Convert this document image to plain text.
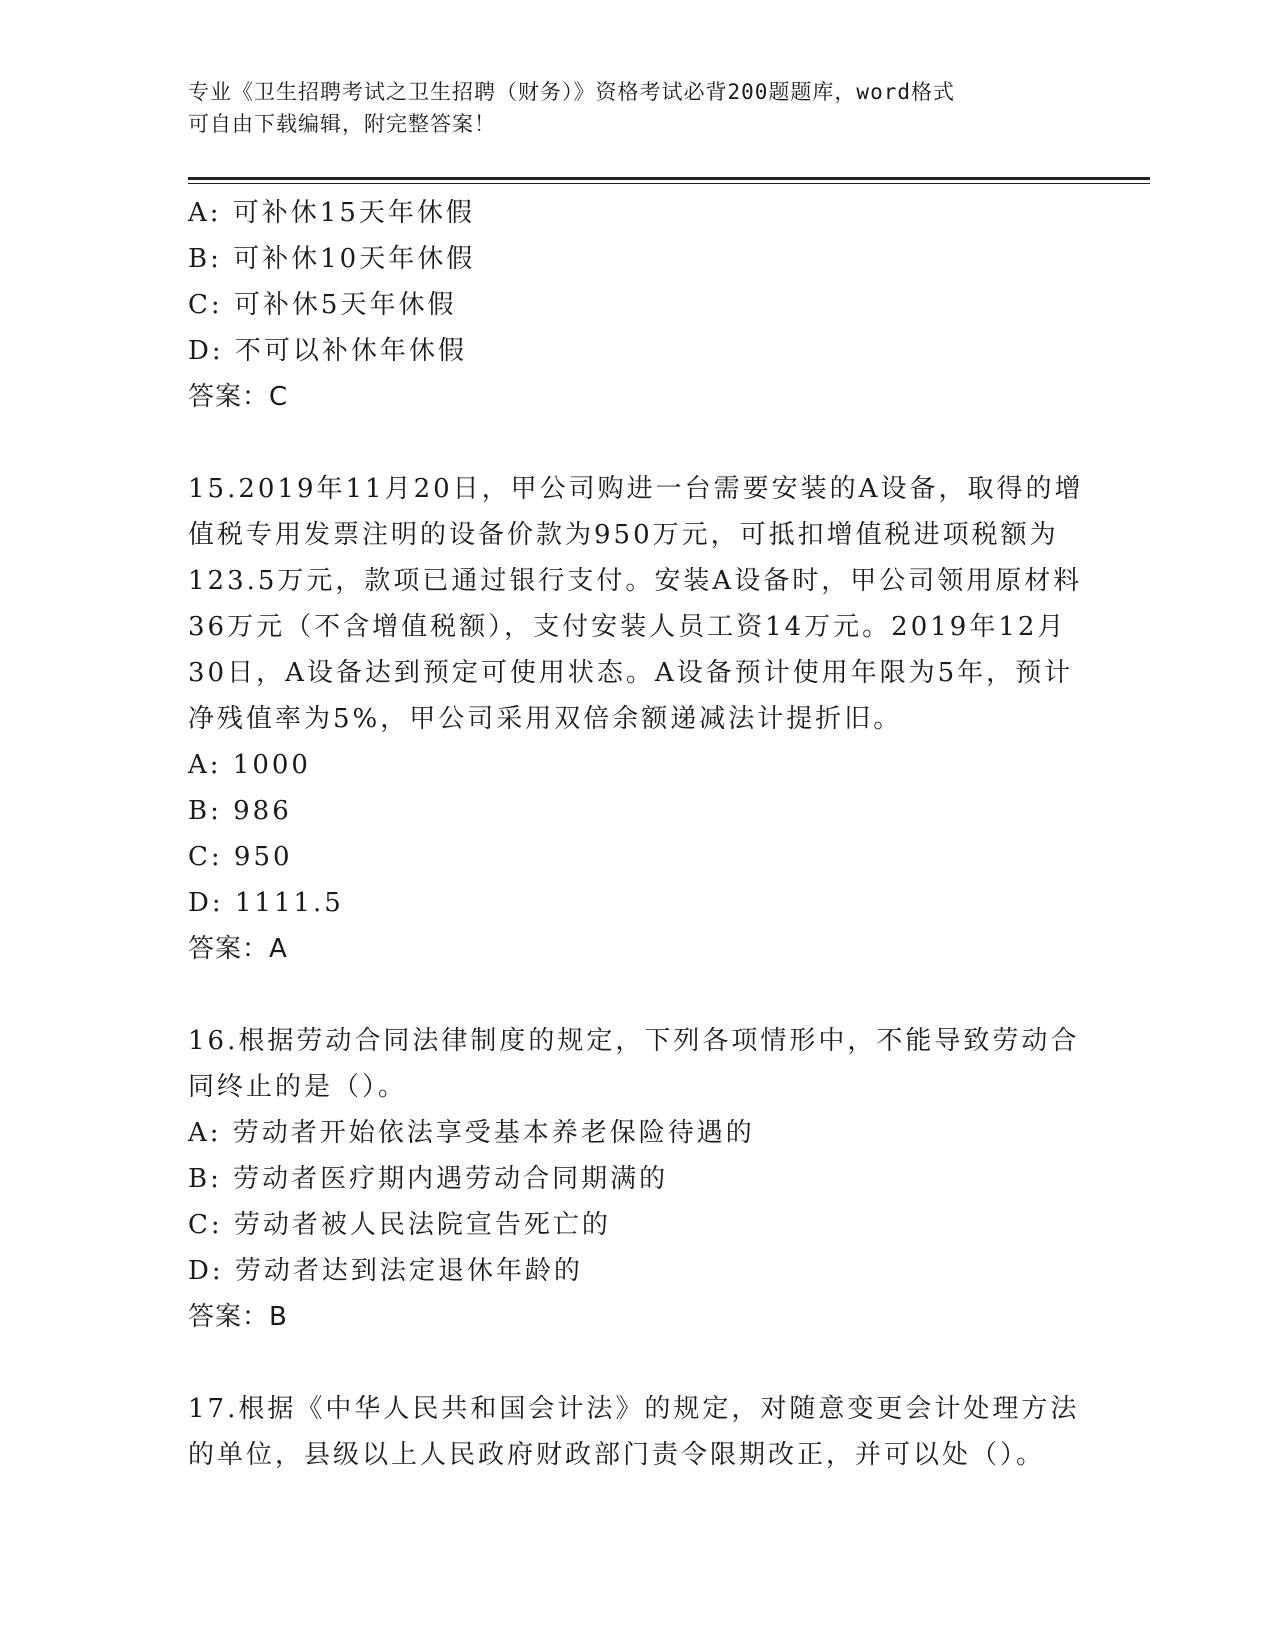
专业《卫生招聘考试之卫生招聘（财务）》资格考试必背200题题库，word格式
可自由下载编辑，附完整答案！
A: 可补休15天年休假
B: 可补休10天年休假
C: 可补休5天年休假
D: 不可以补休年休假
答案：C
15.2019年11月20日，甲公司购进一台需要安装的A设备，取得的增
值税专用发票注明的设备价款为950万元，可抵扣增值税进项税额为
123.5万元，款项已通过银行支付。安装A设备时，甲公司领用原材料
36万元（不含增值税额），支付安装人员工资14万元。2019年12月
30日，A设备达到预定可使用状态。A设备预计使用年限为5年，预计
净残值率为5%，甲公司采用双倍余额递减法计提折旧。
A: 1000
B: 986
C: 950
D: 1111.5
答案：A
16.根据劳动合同法律制度的规定，下列各项情形中，不能导致劳动合
同终止的是（）。
A: 劳动者开始依法享受基本养老保险待遇的
B: 劳动者医疗期内遇劳动合同期满的
C: 劳动者被人民法院宣告死亡的
D: 劳动者达到法定退休年龄的
答案：B
17.根据《中华人民共和国会计法》的规定，对随意变更会计处理方法
的单位，县级以上人民政府财政部门责令限期改正，并可以处（）。
